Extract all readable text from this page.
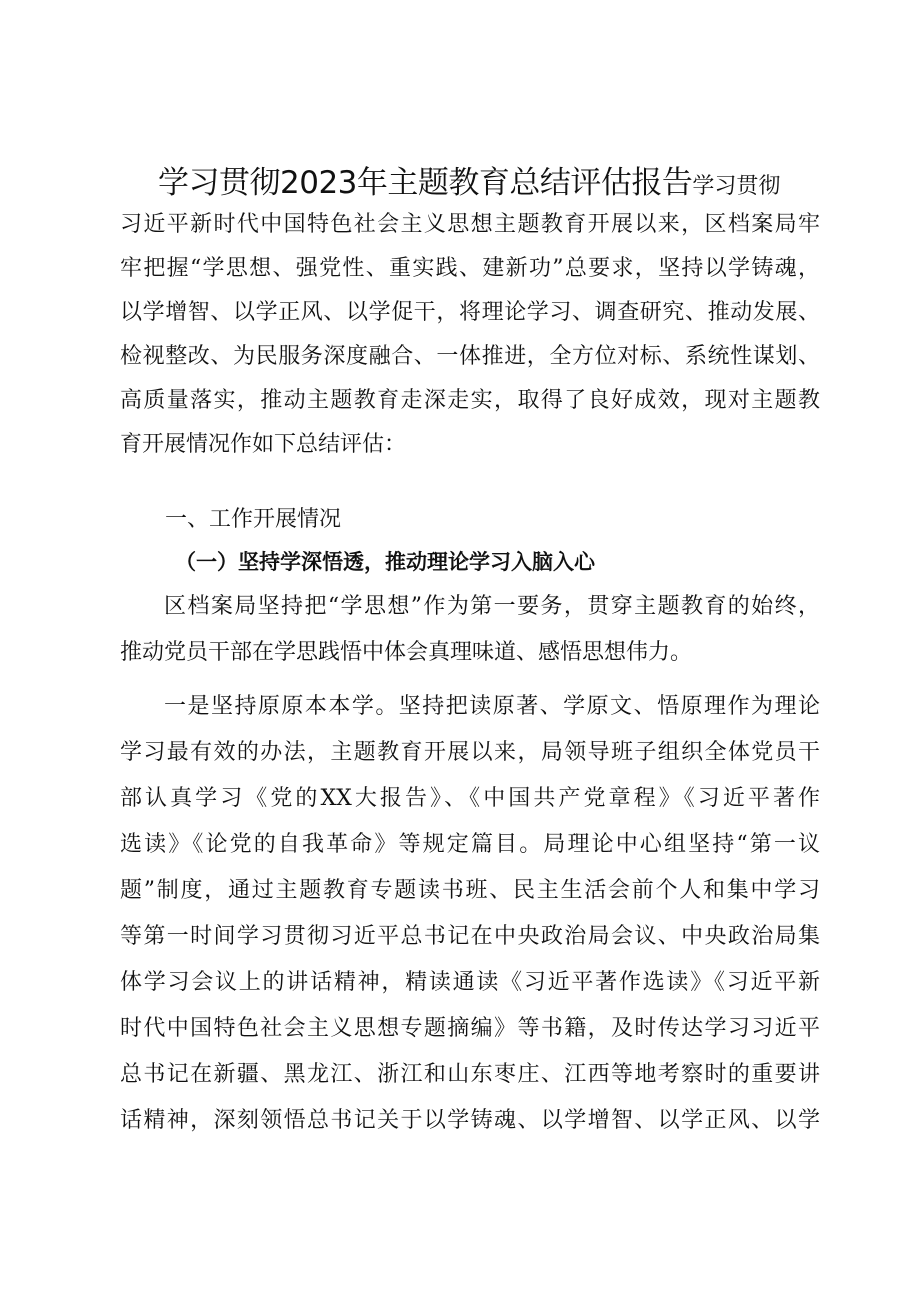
学习贯彻2023年主题教育总结评估报告学习贯彻
习近平新时代中国特色社会主义思想主题教育开展以来，区档案局牢
牢把握“学思想、强党性、重实践、建新功”总要求，坚持以学铸魂，
以学增智、以学正风、以学促干，将理论学习、调查研究、推动发展、
检视整改、为民服务深度融合、一体推进，全方位对标、系统性谋划、
高质量落实，推动主题教育走深走实，取得了良好成效，现对主题教
育开展情况作如下总结评估：
一、工作开展情况
（一）坚持学深悟透，推动理论学习入脑入心
区档案局坚持把“学思想”作为第一要务，贯穿主题教育的始终，
推动党员干部在学思践悟中体会真理味道、感悟思想伟力。
一是坚持原原本本学。坚持把读原著、学原文、悟原理作为理论
学习最有效的办法，主题教育开展以来，局领导班子组织全体党员干
部认真学习《党的XX大报告》、《中国共产党章程》《习近平著作
选读》《论党的自我革命》等规定篇目。局理论中心组坚持“第一议
题”制度，通过主题教育专题读书班、民主生活会前个人和集中学习
等第一时间学习贯彻习近平总书记在中央政治局会议、中央政治局集
体学习会议上的讲话精神，精读通读《习近平著作选读》《习近平新
时代中国特色社会主义思想专题摘编》等书籍，及时传达学习习近平
总书记在新疆、黑龙江、浙江和山东枣庄、江西等地考察时的重要讲
话精神，深刻领悟总书记关于以学铸魂、以学增智、以学正风、以学
